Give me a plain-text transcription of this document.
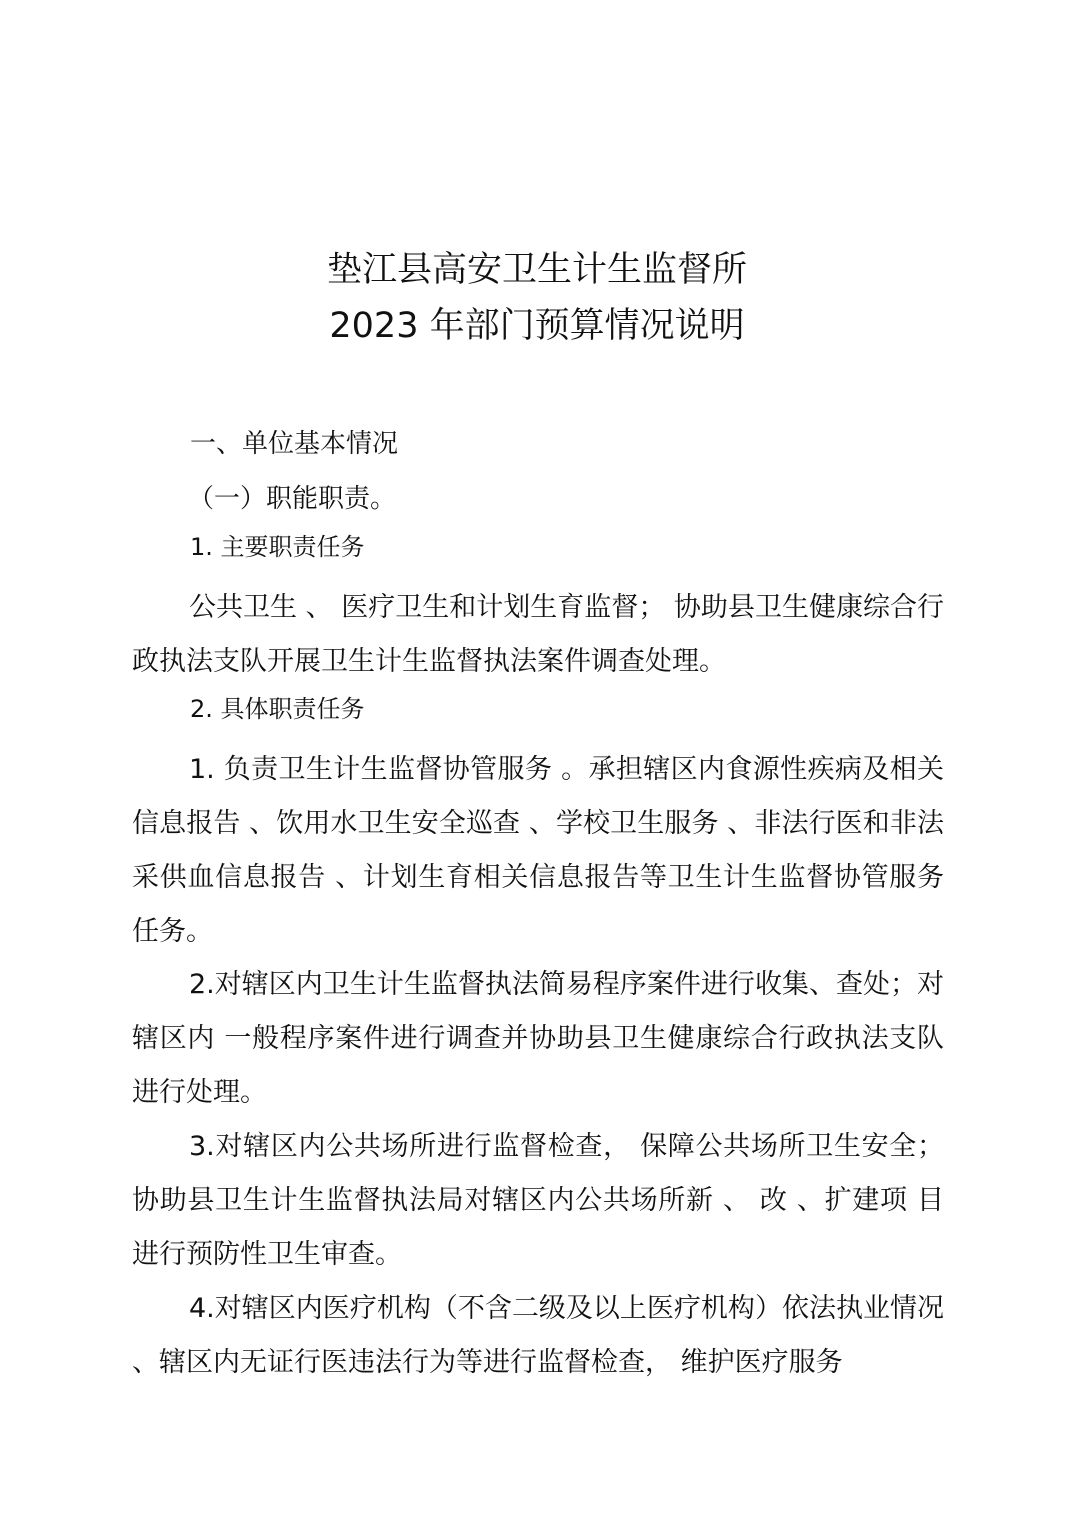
垫江县高安卫生计生监督所
2023 年部门预算情况说明
一、单位基本情况
（一）职能职责。
1. 主要职责任务

公共卫生 、 医疗卫生和计划生育监督； 协助县卫生健康综合行政执法支队开展卫生计生监督执法案件调查处理。

2. 具体职责任务

1. 负责卫生计生监督协管服务 。承担辖区内食源性疾病及相关信息报告 、饮用水卫生安全巡查 、学校卫生服务 、非法行医和非法采供血信息报告 、计划生育相关信息报告等卫生计生监督协管服务任务。

2.对辖区内卫生计生监督执法简易程序案件进行收集、查处；对辖区内 一般程序案件进行调查并协助县卫生健康综合行政执法支队进行处理。

3.对辖区内公共场所进行监督检查， 保障公共场所卫生安全；协助县卫生计生监督执法局对辖区内公共场所新 、 改 、扩建项 目进行预防性卫生审查。

4.对辖区内医疗机构（不含二级及以上医疗机构）依法执业情况 、辖区内无证行医违法行为等进行监督检查， 维护医疗服务
